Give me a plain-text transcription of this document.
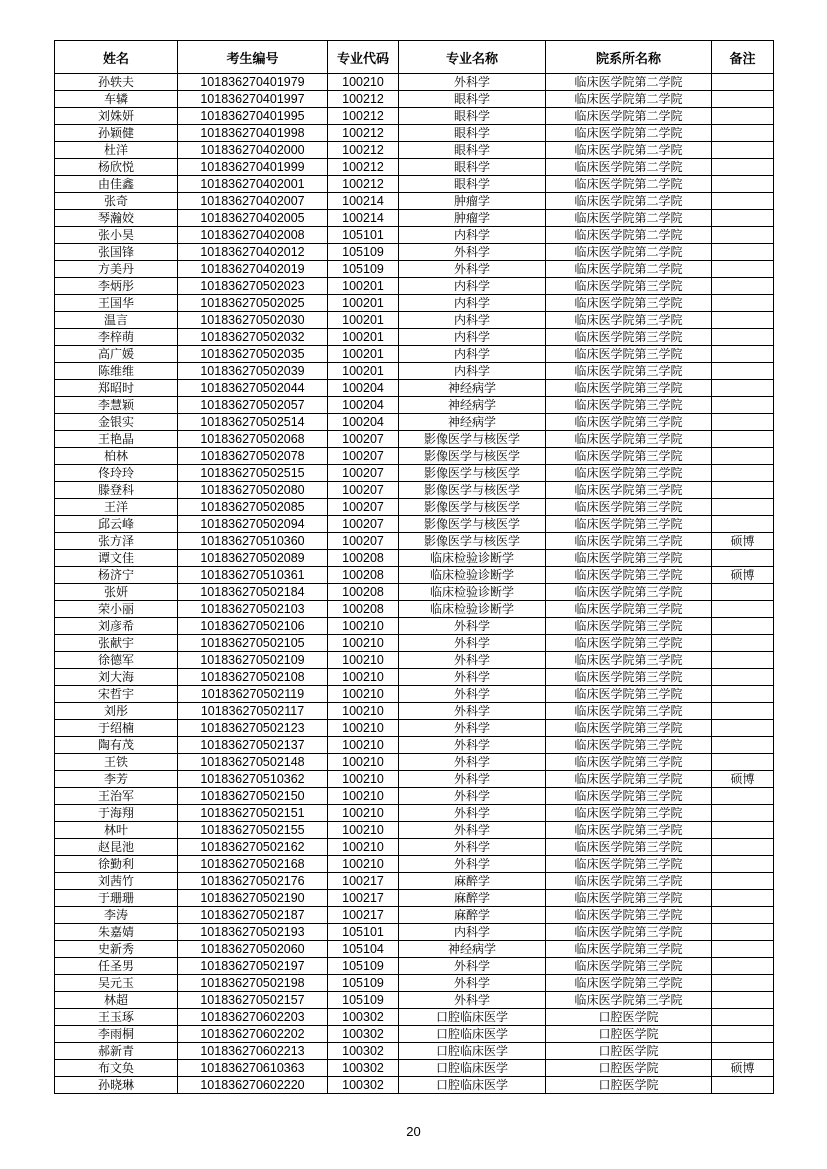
姓名	考生编号	专业代码	专业名称	院系所名称	备注
孙轶夫	101836270401979	100210	外科学	临床医学院第二学院	
车辚	101836270401997	100212	眼科学	临床医学院第二学院	
刘姝妍	101836270401995	100212	眼科学	临床医学院第二学院	
孙颖健	101836270401998	100212	眼科学	临床医学院第二学院	
杜洋	101836270402000	100212	眼科学	临床医学院第二学院	
杨欣悦	101836270401999	100212	眼科学	临床医学院第二学院	
由佳鑫	101836270402001	100212	眼科学	临床医学院第二学院	
张奇	101836270402007	100214	肿瘤学	临床医学院第二学院	
琴瀚姣	101836270402005	100214	肿瘤学	临床医学院第二学院	
张小昊	101836270402008	105101	内科学	临床医学院第二学院	
张国锋	101836270402012	105109	外科学	临床医学院第二学院	
方美丹	101836270402019	105109	外科学	临床医学院第二学院	
李炳彤	101836270502023	100201	内科学	临床医学院第三学院	
王国华	101836270502025	100201	内科学	临床医学院第三学院	
温言	101836270502030	100201	内科学	临床医学院第三学院	
李梓萌	101836270502032	100201	内科学	临床医学院第三学院	
高广媛	101836270502035	100201	内科学	临床医学院第三学院	
陈维维	101836270502039	100201	内科学	临床医学院第三学院	
郑昭时	101836270502044	100204	神经病学	临床医学院第三学院	
李慧颖	101836270502057	100204	神经病学	临床医学院第三学院	
金银实	101836270502514	100204	神经病学	临床医学院第三学院	
王艳晶	101836270502068	100207	影像医学与核医学	临床医学院第三学院	
柏林	101836270502078	100207	影像医学与核医学	临床医学院第三学院	
佟玲玲	101836270502515	100207	影像医学与核医学	临床医学院第三学院	
滕登科	101836270502080	100207	影像医学与核医学	临床医学院第三学院	
王洋	101836270502085	100207	影像医学与核医学	临床医学院第三学院	
邱云峰	101836270502094	100207	影像医学与核医学	临床医学院第三学院	
张方泽	101836270510360	100207	影像医学与核医学	临床医学院第三学院	硕博
谭文佳	101836270502089	100208	临床检验诊断学	临床医学院第三学院	
杨济宁	101836270510361	100208	临床检验诊断学	临床医学院第三学院	硕博
张妍	101836270502184	100208	临床检验诊断学	临床医学院第三学院	
荣小丽	101836270502103	100208	临床检验诊断学	临床医学院第三学院	
刘彦希	101836270502106	100210	外科学	临床医学院第三学院	
张献宇	101836270502105	100210	外科学	临床医学院第三学院	
徐德军	101836270502109	100210	外科学	临床医学院第三学院	
刘大海	101836270502108	100210	外科学	临床医学院第三学院	
宋哲宇	101836270502119	100210	外科学	临床医学院第三学院	
刘彤	101836270502117	100210	外科学	临床医学院第三学院	
于绍楠	101836270502123	100210	外科学	临床医学院第三学院	
陶有茂	101836270502137	100210	外科学	临床医学院第三学院	
王铁	101836270502148	100210	外科学	临床医学院第三学院	
李芳	101836270510362	100210	外科学	临床医学院第三学院	硕博
王治军	101836270502150	100210	外科学	临床医学院第三学院	
于海翔	101836270502151	100210	外科学	临床医学院第三学院	
林叶	101836270502155	100210	外科学	临床医学院第三学院	
赵昆池	101836270502162	100210	外科学	临床医学院第三学院	
徐勤利	101836270502168	100210	外科学	临床医学院第三学院	
刘茜竹	101836270502176	100217	麻醉学	临床医学院第三学院	
于珊珊	101836270502190	100217	麻醉学	临床医学院第三学院	
李涛	101836270502187	100217	麻醉学	临床医学院第三学院	
朱嘉婧	101836270502193	105101	内科学	临床医学院第三学院	
史新秀	101836270502060	105104	神经病学	临床医学院第三学院	
任圣男	101836270502197	105109	外科学	临床医学院第三学院	
吴元玉	101836270502198	105109	外科学	临床医学院第三学院	
林超	101836270502157	105109	外科学	临床医学院第三学院	
王玉琢	101836270602203	100302	口腔临床医学	口腔医学院	
李雨桐	101836270602202	100302	口腔临床医学	口腔医学院	
郝新青	101836270602213	100302	口腔临床医学	口腔医学院	
布文奂	101836270610363	100302	口腔临床医学	口腔医学院	硕博
孙晓琳	101836270602220	100302	口腔临床医学	口腔医学院	
20
